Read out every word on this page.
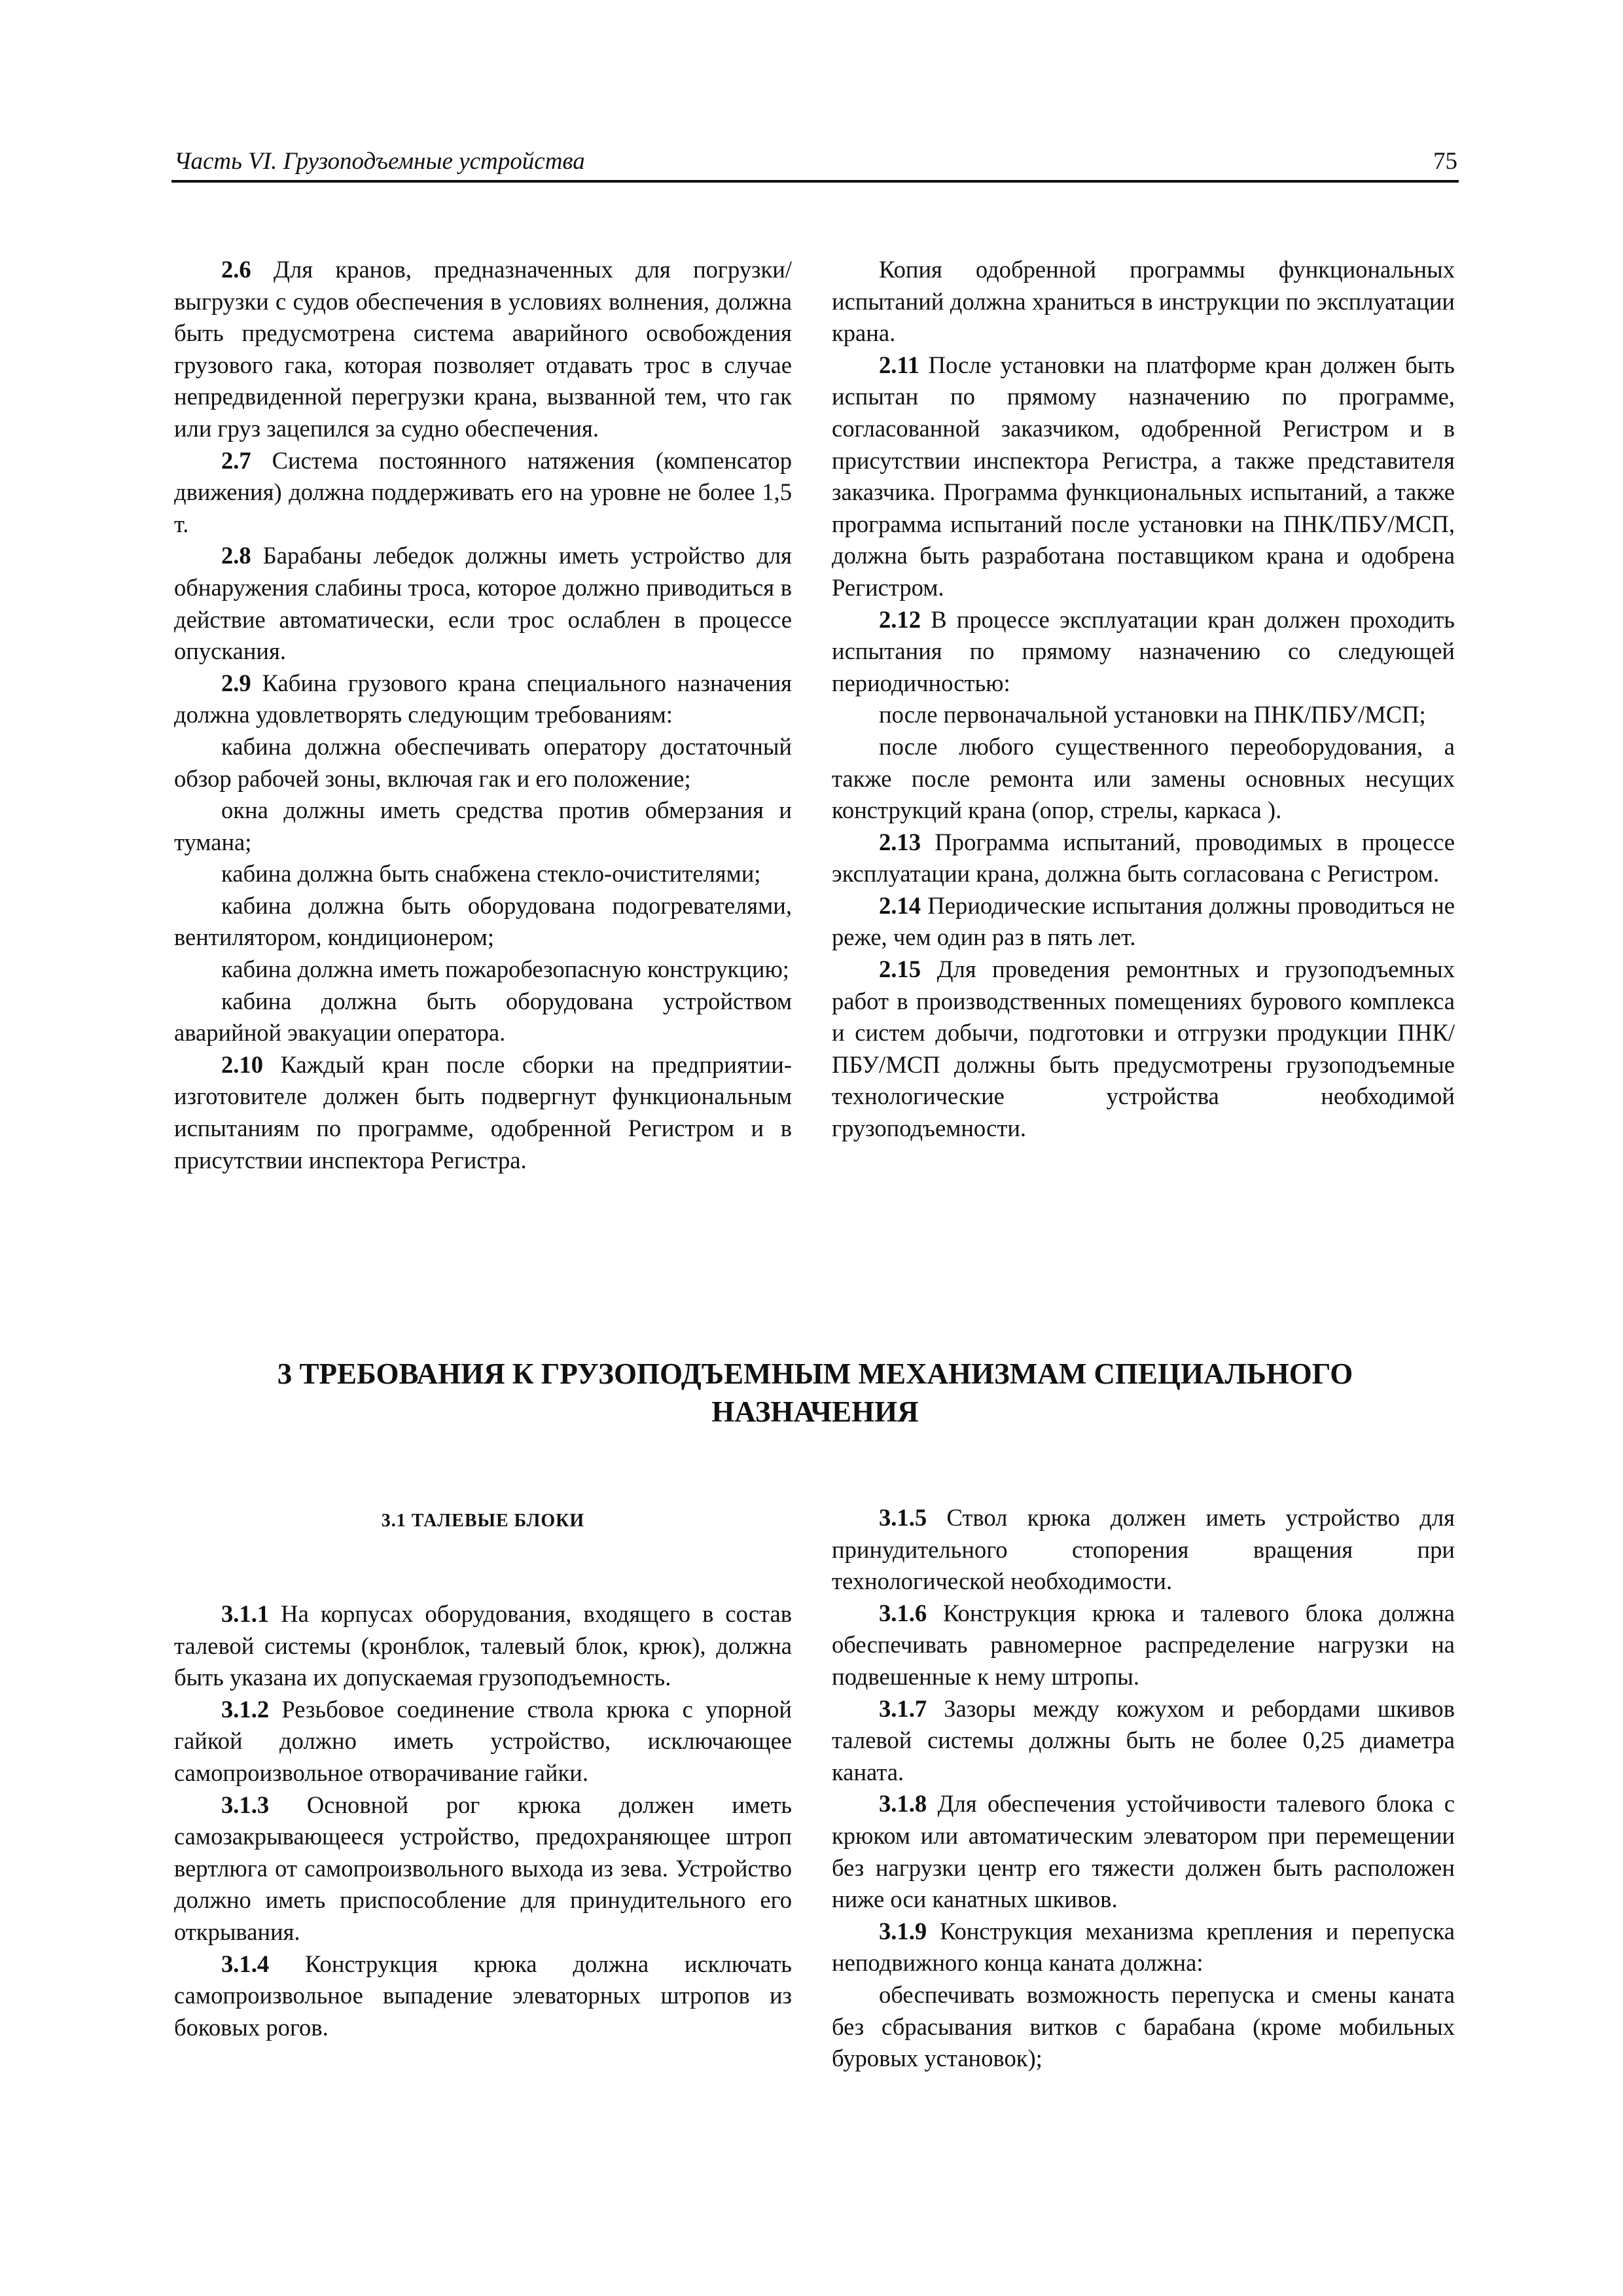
Часть VI. Грузоподъемные устройства	75

2.6 Для кранов, предназначенных для погрузки/выгрузки с судов обеспечения в условиях волнения, должна быть предусмотрена система аварийного освобождения грузового гака, которая позволяет отдавать трос в случае непредвиденной перегрузки крана, вызванной тем, что гак или груз зацепился за судно обеспечения.

2.7 Система постоянного натяжения (компенсатор движения) должна поддерживать его на уровне не более 1,5 т.

2.8 Барабаны лебедок должны иметь устройство для обнаружения слабины троса, которое должно приводиться в действие автоматически, если трос ослаблен в процессе опускания.

2.9 Кабина грузового крана специального назначения должна удовлетворять следующим требованиям:

кабина должна обеспечивать оператору достаточный обзор рабочей зоны, включая гак и его положение;

окна должны иметь средства против обмерзания и тумана;

кабина должна быть снабжена стекло-очистителями;

кабина должна быть оборудована подогревателями, вентилятором, кондиционером;

кабина должна иметь пожаробезопасную конструкцию;

кабина должна быть оборудована устройством аварийной эвакуации оператора.

2.10 Каждый кран после сборки на предприятии-изготовителе должен быть подвергнут функциональным испытаниям по программе, одобренной Регистром и в присутствии инспектора Регистра.

Копия одобренной программы функциональных испытаний должна храниться в инструкции по эксплуатации крана.

2.11 После установки на платформе кран должен быть испытан по прямому назначению по программе, согласованной заказчиком, одобренной Регистром и в присутствии инспектора Регистра, а также представителя заказчика. Программа функциональных испытаний, а также программа испытаний после установки на ПНК/ПБУ/МСП, должна быть разработана поставщиком крана и одобрена Регистром.

2.12 В процессе эксплуатации кран должен проходить испытания по прямому назначению со следующей периодичностью:

после первоначальной установки на ПНК/ПБУ/МСП;

после любого существенного переоборудования, а также после ремонта или замены основных несущих конструкций крана (опор, стрелы, каркаса ).

2.13 Программа испытаний, проводимых в процессе эксплуатации крана, должна быть согласована с Регистром.

2.14 Периодические испытания должны проводиться не реже, чем один раз в пять лет.

2.15 Для проведения ремонтных и грузоподъемных работ в производственных помещениях бурового комплекса и систем добычи, подготовки и отгрузки продукции ПНК/ПБУ/МСП должны быть предусмотрены грузоподъемные технологические устройства необходимой грузоподъемности.

3 ТРЕБОВАНИЯ К ГРУЗОПОДЪЕМНЫМ МЕХАНИЗМАМ СПЕЦИАЛЬНОГО
НАЗНАЧЕНИЯ
3.1 ТАЛЕВЫЕ БЛОКИ

3.1.1 На корпусах оборудования, входящего в состав талевой системы (кронблок, талевый блок, крюк), должна быть указана их допускаемая грузоподъемность.

3.1.2 Резьбовое соединение ствола крюка с упорной гайкой должно иметь устройство, исключающее самопроизвольное отворачивание гайки.

3.1.3 Основной рог крюка должен иметь самозакрывающееся устройство, предохраняющее штроп вертлюга от самопроизвольного выхода из зева. Устройство должно иметь приспособление для принудительного его открывания.

3.1.4 Конструкция крюка должна исключать самопроизвольное выпадение элеваторных штропов из боковых рогов.

3.1.5 Ствол крюка должен иметь устройство для принудительного стопорения вращения при технологической необходимости.

3.1.6 Конструкция крюка и талевого блока должна обеспечивать равномерное распределение нагрузки на подвешенные к нему штропы.

3.1.7 Зазоры между кожухом и ребордами шкивов талевой системы должны быть не более 0,25 диаметра каната.

3.1.8 Для обеспечения устойчивости талевого блока с крюком или автоматическим элеватором при перемещении без нагрузки центр его тяжести должен быть расположен ниже оси канатных шкивов.

3.1.9 Конструкция механизма крепления и перепуска неподвижного конца каната должна:

обеспечивать возможность перепуска и смены каната без сбрасывания витков с барабана (кроме мобильных буровых установок);
